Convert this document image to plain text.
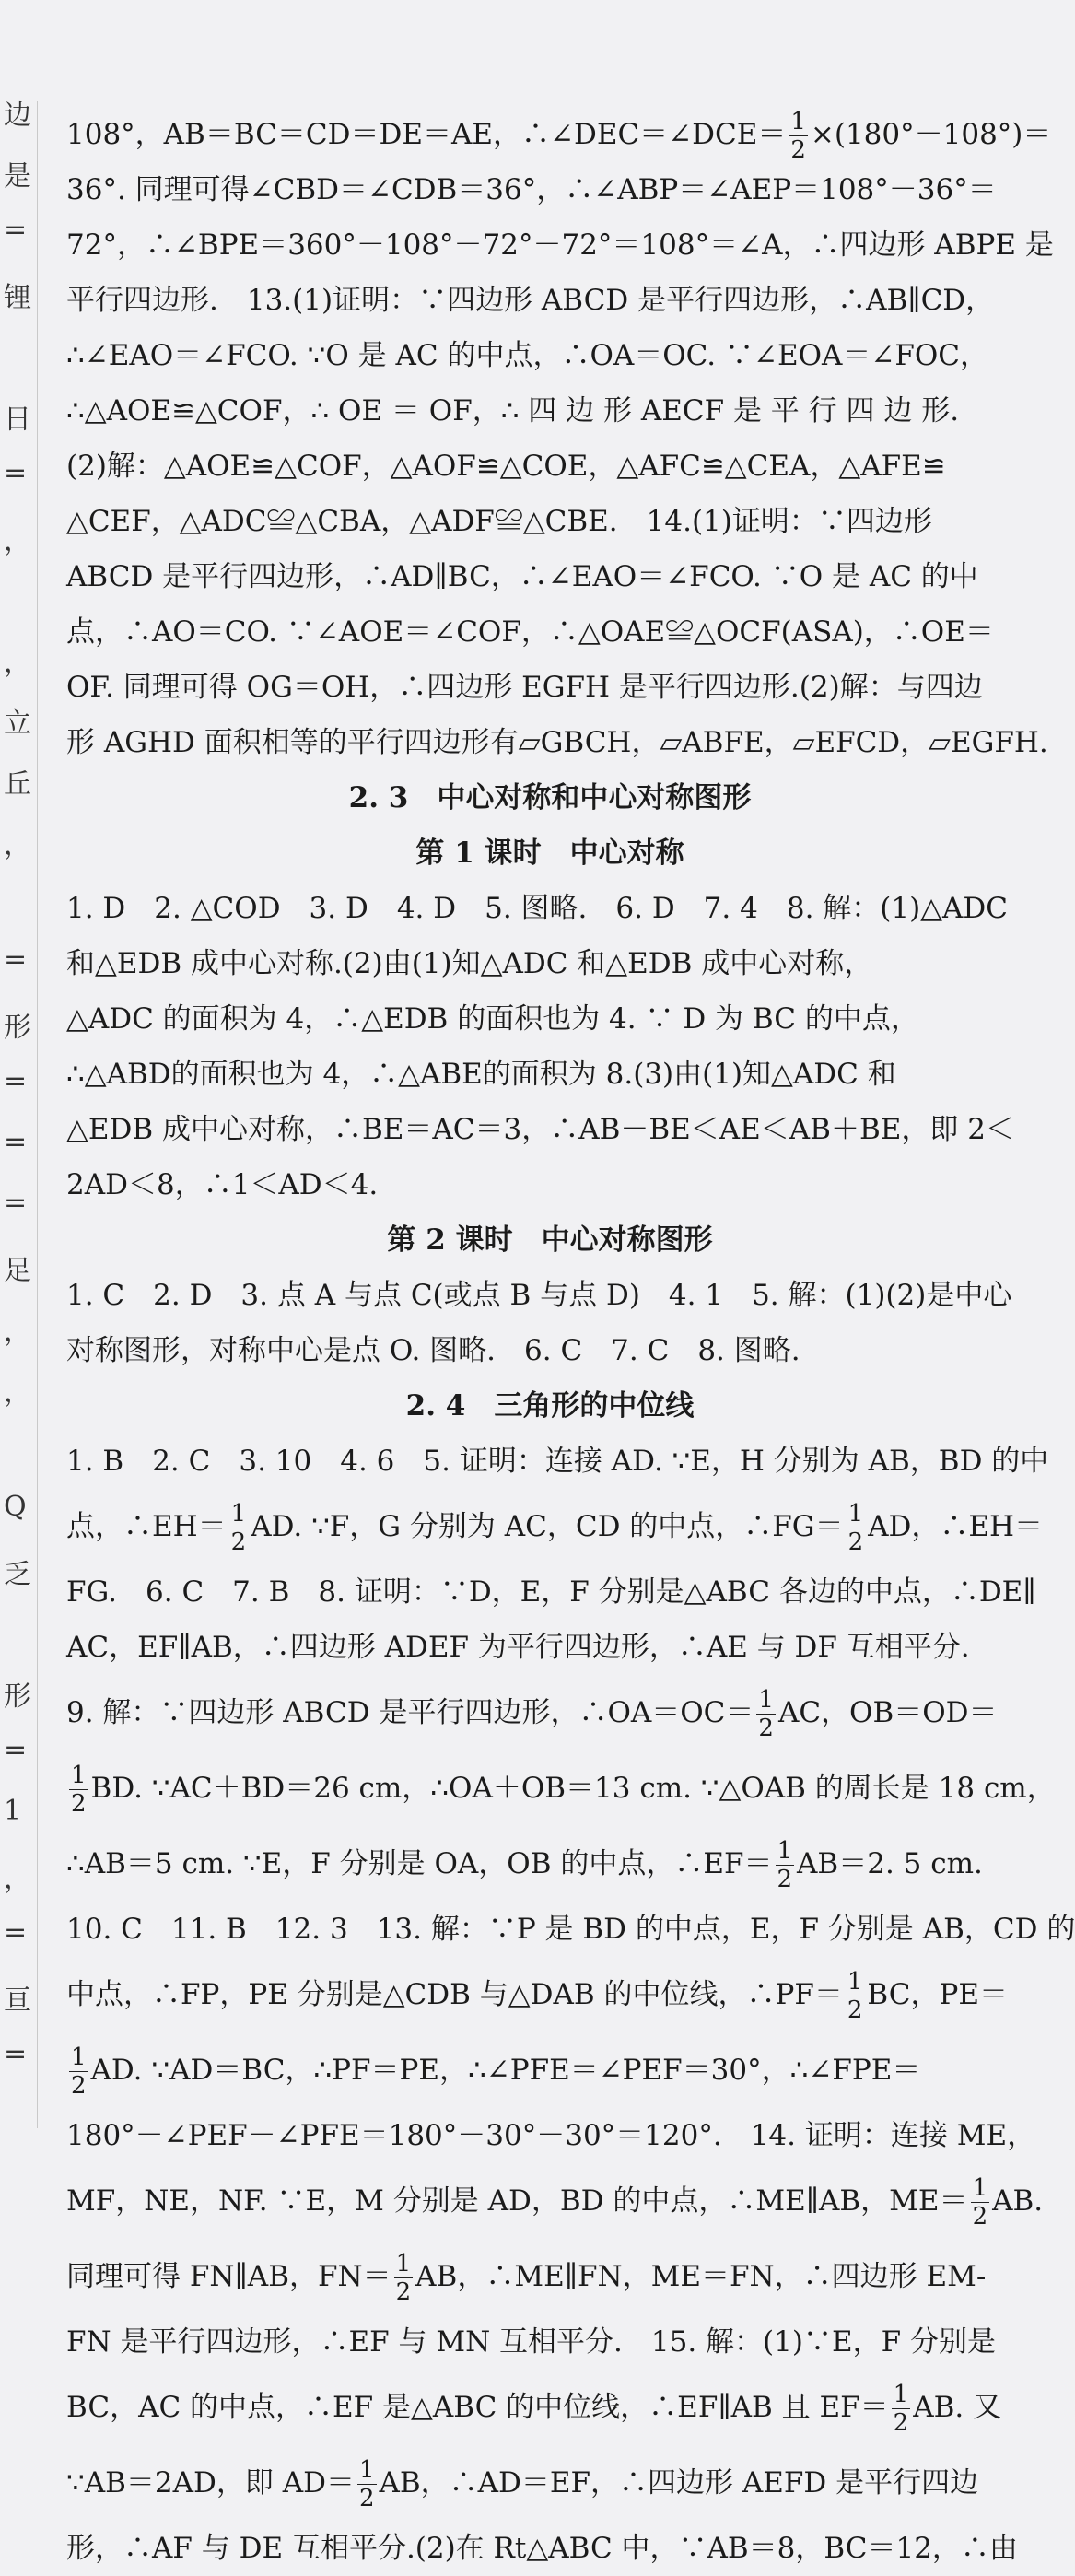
边
是
=
锂
日
=
，
，
立
丘
，
=
形
=
=
=
足
，
，
Q
乏
形
=
1
，
=
亘
=
108°，AB＝BC＝CD＝DE＝AE，∴∠DEC＝∠DCE＝ $\frac{1}{2} \times(180^\circ-108^\circ)=$
36°. 同理可得∠CBD＝∠CDB＝36°，∴∠ABP＝∠AEP＝108°－36°＝
72°，∴∠BPE＝360°－108°－72°－72°＝108°＝∠A，∴四边形 ABPE 是
平行四边形.　13.(1)证明：∵四边形 ABCD 是平行四边形，∴AB∥CD，
∴∠EAO＝∠FCO. ∵O 是 AC 的中点，∴OA＝OC. ∵∠EOA＝∠FOC，
∴△AOE≌△COF，∴ OE ＝ OF，∴ 四 边 形 AECF 是 平 行 四 边 形.
(2)解：△AOE≌△COF，△AOF≌△COE，△AFC≌△CEA，△AFE≌
△CEF，△ADC≌△CBA，△ADF≌△CBE.　14.(1)证明：∵四边形
ABCD 是平行四边形，∴AD∥BC，∴∠EAO＝∠FCO. ∵O 是 AC 的中
点，∴AO＝CO. ∵∠AOE＝∠COF，∴△OAE≌△OCF(ASA)，∴OE＝
OF. 同理可得 OG＝OH，∴四边形 EGFH 是平行四边形.(2)解：与四边
形 AGHD 面积相等的平行四边形有▱GBCH，▱ABFE，▱EFCD，▱EGFH.
2. 3　中心对称和中心对称图形
第 1 课时　中心对称
1. D　2. △COD　3. D　4. D　5. 图略.　6. D　7. 4　8. 解：(1)△ADC
和△EDB 成中心对称.(2)由(1)知△ADC 和△EDB 成中心对称，
△ADC 的面积为 4，∴△EDB 的面积也为 4. ∵ D 为 BC 的中点，
∴△ABD的面积也为 4，∴△ABE的面积为 8.(3)由(1)知△ADC 和
△EDB 成中心对称，∴BE＝AC＝3，∴AB－BE＜AE＜AB＋BE，即 2＜
2AD＜8，∴1＜AD＜4.
第 2 课时　中心对称图形
1. C　2. D　3. 点 A 与点 C(或点 B 与点 D)　4. 1　5. 解：(1)(2)是中心
对称图形，对称中心是点 O. 图略.　6. C　7. C　8. 图略.
2. 4　三角形的中位线
1. B　2. C　3. 10　4. 6　5. 证明：连接 AD. ∵E，H 分别为 AB，BD 的中
点，∴EH＝ $\frac{1}{2}$ AD. ∵F，G 分别为 AC，CD 的中点，∴FG＝ $\frac{1}{2}$ AD，∴EH＝
FG.　6. C　7. B　8. 证明：∵D，E，F 分别是△ABC 各边的中点，∴DE∥
AC，EF∥AB，∴四边形 ADEF 为平行四边形，∴AE 与 DF 互相平分.
9. 解：∵四边形 ABCD 是平行四边形，∴OA＝OC＝ $\frac{1}{2}$ AC，OB＝OD＝
$\frac{1}{2}$ BD. ∵AC＋BD＝26 cm，∴OA＋OB＝13 cm. ∵△OAB 的周长是 18 cm，
∴AB＝5 cm. ∵E，F 分别是 OA，OB 的中点，∴EF＝ $\frac{1}{2} AB=2$. 5 cm.
10. C　11. B　12. 3　13. 解：∵P 是 BD 的中点，E，F 分别是 AB，CD 的
中点，∴FP，PE 分别是△CDB 与△DAB 的中位线，∴PF＝ $\frac{1}{2}$ BC，PE＝
$\frac{1}{2}$ AD. ∵AD＝BC，∴PF＝PE，∴∠PFE＝∠PEF＝30°，∴∠FPE＝
180°－∠PEF－∠PFE＝180°－30°－30°＝120°.　14. 证明：连接 ME，
MF，NE，NF. ∵E，M 分别是 AD，BD 的中点，∴ME∥AB，$ME= \frac{1}{2}$ AB.
同理可得 FN∥AB，$FN= \frac{1}{2}$ AB，∴ME∥FN，ME＝FN，∴四边形 EM-
FN 是平行四边形，∴EF 与 MN 互相平分.　15. 解：(1)∵E，F 分别是
BC，AC 的中点，∴EF 是△ABC 的中位线，∴EF∥AB 且 $EF= \frac{1}{2}$ AB. 又
∵AB＝2AD，即 $AD= \frac{1}{2}$ AB，∴AD＝EF，∴四边形 AEFD 是平行四边
形，∴AF 与 DE 互相平分.(2)在 Rt△ABC 中，∵AB＝8，BC＝12，∴由
